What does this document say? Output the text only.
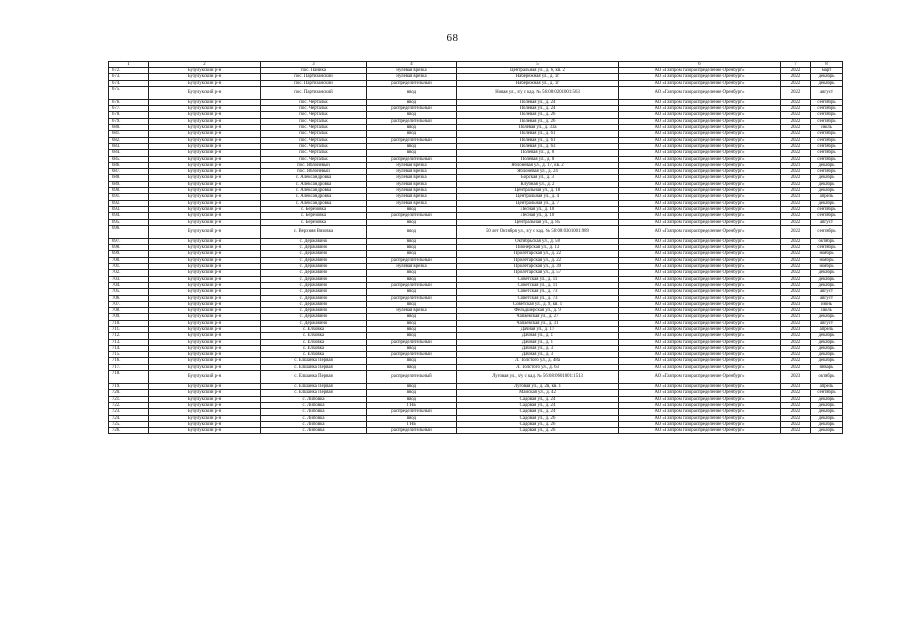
68
1	2	3	4	5	6	7	8
672.	Бузулукский р-н	пос. Паника	нулевая врезка	Центральная ул., д. 6, кв. 2	АО «Газпром газораспределение Оренбург»	2022	март
673.	Бузулукский р-н	пос. Партизанский	нулевая врезка	Набережная ул., д. 1г	АО «Газпром газораспределение Оренбург»	2022	декабрь
674.	Бузулукский р-н	пос. Партизанский	распределительный	Набережная ул., д. 1г	АО «Газпром газораспределение Оренбург»	2022	декабрь
675.	Бузулукский р-н	пос. Партизанский	ввод	Новая ул., з/у с кад. № 56:08:0201001:563	АО «Газпром газораспределение Оренбург»	2022	август
676.	Бузулукский р-н	пос. Чертальк	ввод	Полевая ул., д. 24	АО «Газпром газораспределение Оренбург»	2022	сентябрь
677.	Бузулукский р-н	пос. Чертальк	распределительный	Полевая ул., д. 24	АО «Газпром газораспределение Оренбург»	2022	сентябрь
678.	Бузулукский р-н	пос. Чертальк	ввод	Полевая ул., д. 26	АО «Газпром газораспределение Оренбург»	2022	сентябрь
679.	Бузулукский р-н	пос. Чертальк	распределительный	Полевая ул., д. 26	АО «Газпром газораспределение Оренбург»	2022	сентябрь
680.	Бузулукский р-н	пос. Чертальк	ввод	Полевая ул., д. 33а	АО «Газпром газораспределение Оренбург»	2022	июль
681.	Бузулукский р-н	пос. Чертальк	ввод	Полевая ул., д. 61	АО «Газпром газораспределение Оренбург»	2022	сентябрь
682.	Бузулукский р-н	пос. Чертальк	распределительный	Полевая ул., д. 61	АО «Газпром газораспределение Оренбург»	2022	сентябрь
683.	Бузулукский р-н	пос. Чертальк	ввод	Полевая ул., д. 63	АО «Газпром газораспределение Оренбург»	2022	сентябрь
684.	Бузулукский р-н	пос. Чертальк	ввод	Полевая ул., д. 8	АО «Газпром газораспределение Оренбург»	2022	сентябрь
685.	Бузулукский р-н	пос. Чертальк	распределительный	Полевая ул., д. 8	АО «Газпром газораспределение Оренбург»	2022	сентябрь
686.	Бузулукский р-н	пос. Яблоневый	нулевая врезка	Яблоневая ул., д. 17, кв. 2	АО «Газпром газораспределение Оренбург»	2021	декабрь
687.	Бузулукский р-н	пос. Яблоневый	нулевая врезка	Яблоневая ул., д. 24	АО «Газпром газораспределение Оренбург»	2022	сентябрь
688.	Бузулукский р-н	с. Александровка	нулевая врезка	Борская ул., д. 3	АО «Газпром газораспределение Оренбург»	2022	декабрь
689.	Бузулукский р-н	с. Александровка	нулевая врезка	Клубная ул., д. 2	АО «Газпром газораспределение Оренбург»	2022	декабрь
690.	Бузулукский р-н	с. Александровка	нулевая врезка	Центральная ул., д. 18	АО «Газпром газораспределение Оренбург»	2022	декабрь
691.	Бузулукский р-н	с. Александровка	нулевая врезка	Центральная ул., д. 4	АО «Газпром газораспределение Оренбург»	2023	апрель
692.	Бузулукский р-н	с. Александровка	нулевая врезка	Центральная ул., д. 7	АО «Газпром газораспределение Оренбург»	2022	декабрь
693.	Бузулукский р-н	с. Березовка	ввод	Лесная ул., д. 10	АО «Газпром газораспределение Оренбург»	2022	сентябрь
694.	Бузулукский р-н	с. Березовка	распределительный	Лесная ул., д. 10	АО «Газпром газораспределение Оренбург»	2022	сентябрь
695.	Бузулукский р-н	с. Березовка	ввод	Центральная ул., д. 85	АО «Газпром газораспределение Оренбург»	2022	август
696.	Бузулукский р-н	с. Верхняя Вязовка	ввод	50 лет Октября ул., з/у с кад. № 56:08:0301001:989	АО «Газпром газораспределение Оренбург»	2022	сентябрь
697.	Бузулукский р-н	с. Державино	ввод	Октябрьская ул., д. 58	АО «Газпром газораспределение Оренбург»	2022	октябрь
698.	Бузулукский р-н	с. Державино	ввод	Пионерская ул., д. 13	АО «Газпром газораспределение Оренбург»	2022	сентябрь
699.	Бузулукский р-н	с. Державино	ввод	Пролетарская ул., д. 22	АО «Газпром газораспределение Оренбург»	2022	ноябрь
700.	Бузулукский р-н	с. Державино	распределительный	Пролетарская ул., д. 22	АО «Газпром газораспределение Оренбург»	2022	ноябрь
701.	Бузулукский р-н	с. Державино	нулевая врезка	Пролетарская ул., д. 39	АО «Газпром газораспределение Оренбург»	2022	ноябрь
702.	Бузулукский р-н	с. Державино	ввод	Пролетарская ул., д. 57	АО «Газпром газораспределение Оренбург»	2022	декабрь
703.	Бузулукский р-н	с. Державино	ввод	Советская ул., д. 11	АО «Газпром газораспределение Оренбург»	2022	декабрь
704.	Бузулукский р-н	с. Державино	распределительный	Советская ул., д. 11	АО «Газпром газораспределение Оренбург»	2022	декабрь
705.	Бузулукский р-н	с. Державино	ввод	Советская ул., д. 73	АО «Газпром газораспределение Оренбург»	2022	август
706.	Бузулукский р-н	с. Державино	распределительный	Советская ул., д. 73	АО «Газпром газораспределение Оренбург»	2022	август
707.	Бузулукский р-н	с. Державино	ввод	Советская ул., д. 9, кв. 1	АО «Газпром газораспределение Оренбург»	2023	июнь
708.	Бузулукский р-н	с. Державино	нулевая врезка	Фельдшерская ул., д. 9	АО «Газпром газораспределение Оренбург»	2022	июль
709.	Бузулукский р-н	с. Державино	ввод	Чапаевская ул., д. 27	АО «Газпром газораспределение Оренбург»	2021	декабрь
710.	Бузулукский р-н	с. Державино	ввод	Чапаевская ул., д. 31	АО «Газпром газораспределение Оренбург»	2022	август
711.	Бузулукский р-н	с. Елховка	ввод	Дачная ул., д. 17	АО «Газпром газораспределение Оренбург»	2023	апрель
712.	Бузулукский р-н	с. Елховка	ввод	Дачная ул., д. 1	АО «Газпром газораспределение Оренбург»	2022	декабрь
713.	Бузулукский р-н	с. Елховка	распределительный	Дачная ул., д. 1	АО «Газпром газораспределение Оренбург»	2022	декабрь
714.	Бузулукский р-н	с. Елховка	ввод	Дачная ул., д. 3	АО «Газпром газораспределение Оренбург»	2022	декабрь
715.	Бузулукский р-н	с. Елховка	распределительный	Дачная ул., д. 3	АО «Газпром газораспределение Оренбург»	2022	декабрь
716.	Бузулукский р-н	с. Елшанка Первая	ввод	Л. Толстого ул., д. 48а	АО «Газпром газораспределение Оренбург»	2022	декабрь
717.	Бузулукский р-н	с. Елшанка Первая	ввод	Л. Толстого ул., д. 63	АО «Газпром газораспределение Оренбург»	2022	январь
718.	Бузулукский р-н	с. Елшанка Первая	распределительный	Луговая ул., з/у с кад. № 56:08:0601001:1513	АО «Газпром газораспределение Оренбург»	2023	октябрь
719.	Бузулукский р-н	с. Елшанка Первая	ввод	Луговая ул., д. 2в, кв. 1	АО «Газпром газораспределение Оренбург»	2023	апрель
720.	Бузулукский р-н	с. Елшанка Первая	ввод	Майская ул., д. 42	АО «Газпром газораспределение Оренбург»	2022	сентябрь
721.	Бузулукский р-н	с. Липовка	ввод	Садовая ул., д. 24	АО «Газпром газораспределение Оренбург»	2022	декабрь
722.	Бузулукский р-н	с. Липовка	ГНБ	Садовая ул., д. 24	АО «Газпром газораспределение Оренбург»	2022	декабрь
723.	Бузулукский р-н	с. Липовка	распределительный	Садовая ул., д. 24	АО «Газпром газораспределение Оренбург»	2022	декабрь
724.	Бузулукский р-н	с. Липовка	ввод	Садовая ул., д. 26	АО «Газпром газораспределение Оренбург»	2022	декабрь
725.	Бузулукский р-н	с. Липовка	ГНБ	Садовая ул., д. 26	АО «Газпром газораспределение Оренбург»	2022	декабрь
726.	Бузулукский р-н	с. Липовка	распределительный	Садовая ул., д. 26	АО «Газпром газораспределение Оренбург»	2022	декабрь
